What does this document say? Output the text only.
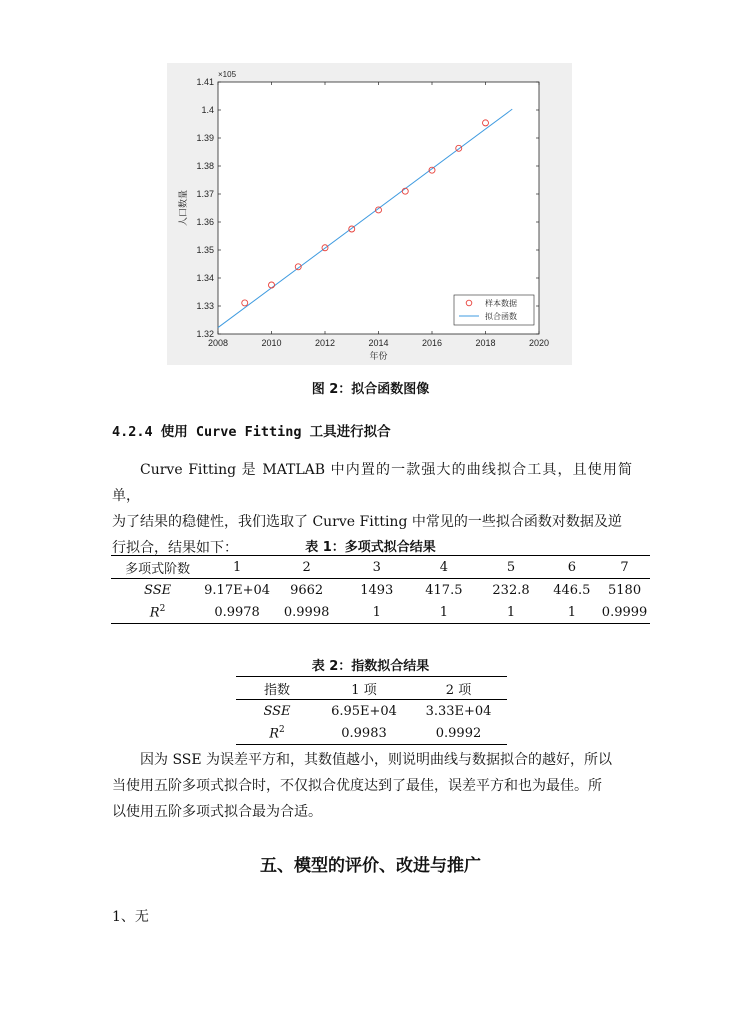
2008	2010	2012	2014	2016	2018	2020
1.32
1.33
1.34
1.35
1.36
1.37
1.38
1.39
1.4
1.41
×105
年份
人口数量
样本数据
拟合函数
图 2：拟合函数图像
4.2.4 使用 Curve Fitting 工具进行拟合

Curve Fitting 是 MATLAB 中内置的一款强大的曲线拟合工具，且使用简单，

为了结果的稳健性，我们选取了 Curve Fitting 中常见的一些拟合函数对数据及逆

行拟合，结果如下：	表 1：多项式拟合结果
多项式阶数	1	2	3	4	5	6	7
SSE	9.17E+04	9662	1493	417.5	232.8	446.5	5180
$R^2$	0.9978	0.9998	1	1	1	1	0.9999
表 2：指数拟合结果
指数	1 项	2 项
SSE	6.95E+04	3.33E+04
$R^2$	0.9983	0.9992

因为 SSE 为误差平方和，其数值越小，则说明曲线与数据拟合的越好，所以

当使用五阶多项式拟合时，不仅拟合优度达到了最佳，误差平方和也为最佳。所

以使用五阶多项式拟合最为合适。

五、模型的评价、改进与推广
1、无
